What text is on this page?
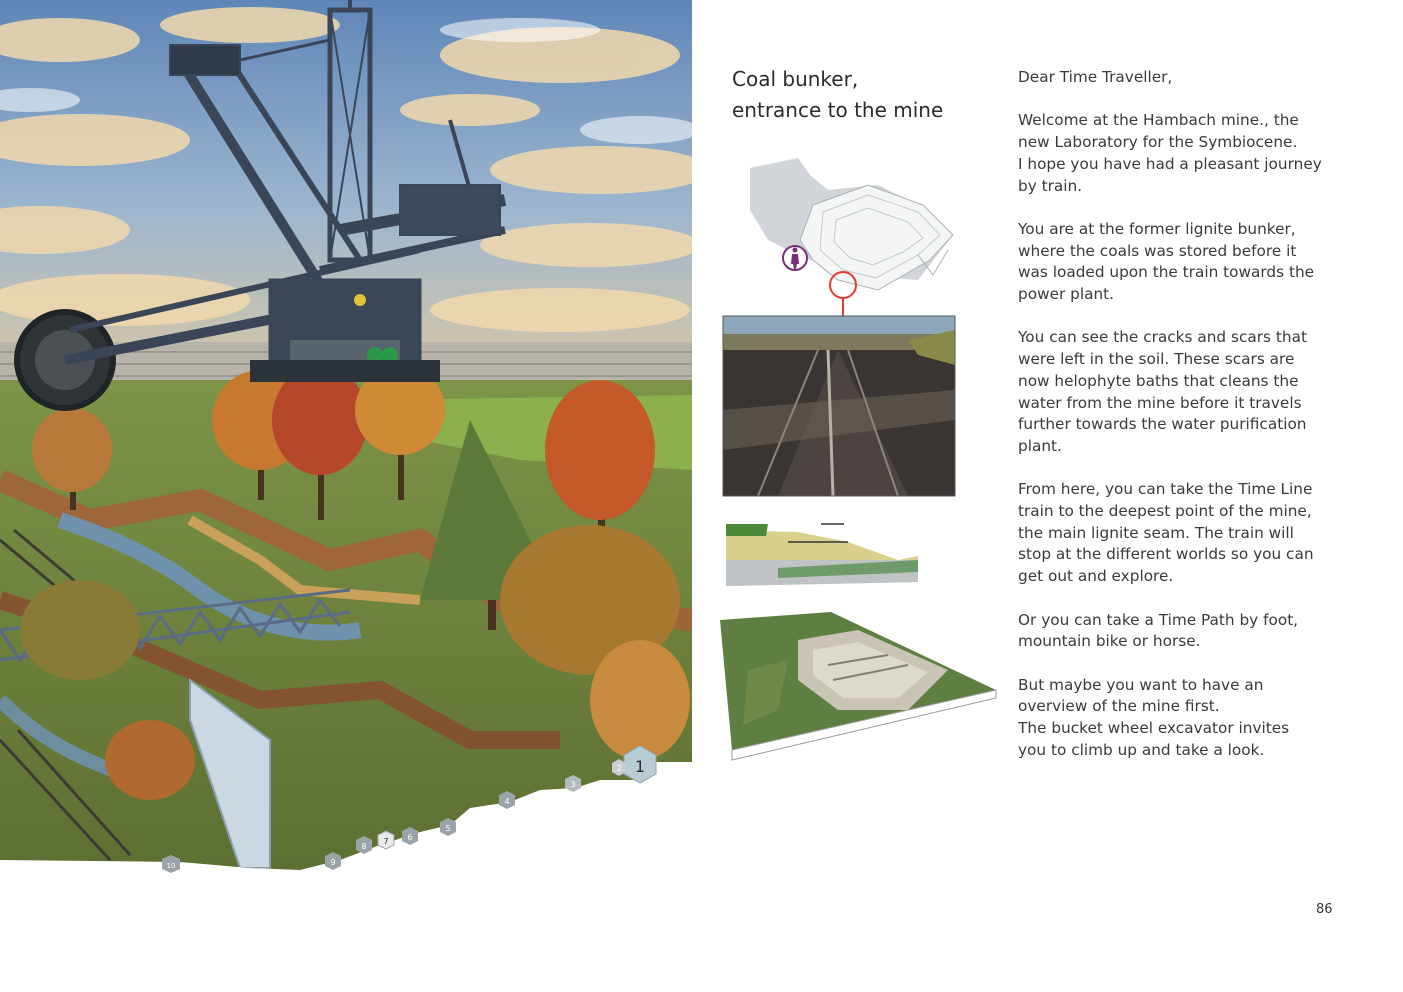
1
2
3
4
5
6
7
8
9
10
Coal bunker,
entrance to the mine

Dear Time Traveller,

Welcome at the Hambach mine., the
new Laboratory for the Symbiocene.
I hope you have had a pleasant journey
by train.

You are at the former lignite bunker,
where the coals was stored before it
was loaded upon the train towards the
power plant.

You can see the cracks and scars that
were left in the soil. These scars are
now helophyte baths that cleans the
water from the mine before it travels
further towards the water purification
plant.

From here, you can take the Time Line
train to the deepest point of the mine,
the main lignite seam. The train will
stop at the different worlds so you can
get out and explore.

Or you can take a Time Path by foot,
mountain bike or horse.

But maybe you want to have an
overview of the mine first.
The bucket wheel excavator invites
you to climb up and take a look.

86
